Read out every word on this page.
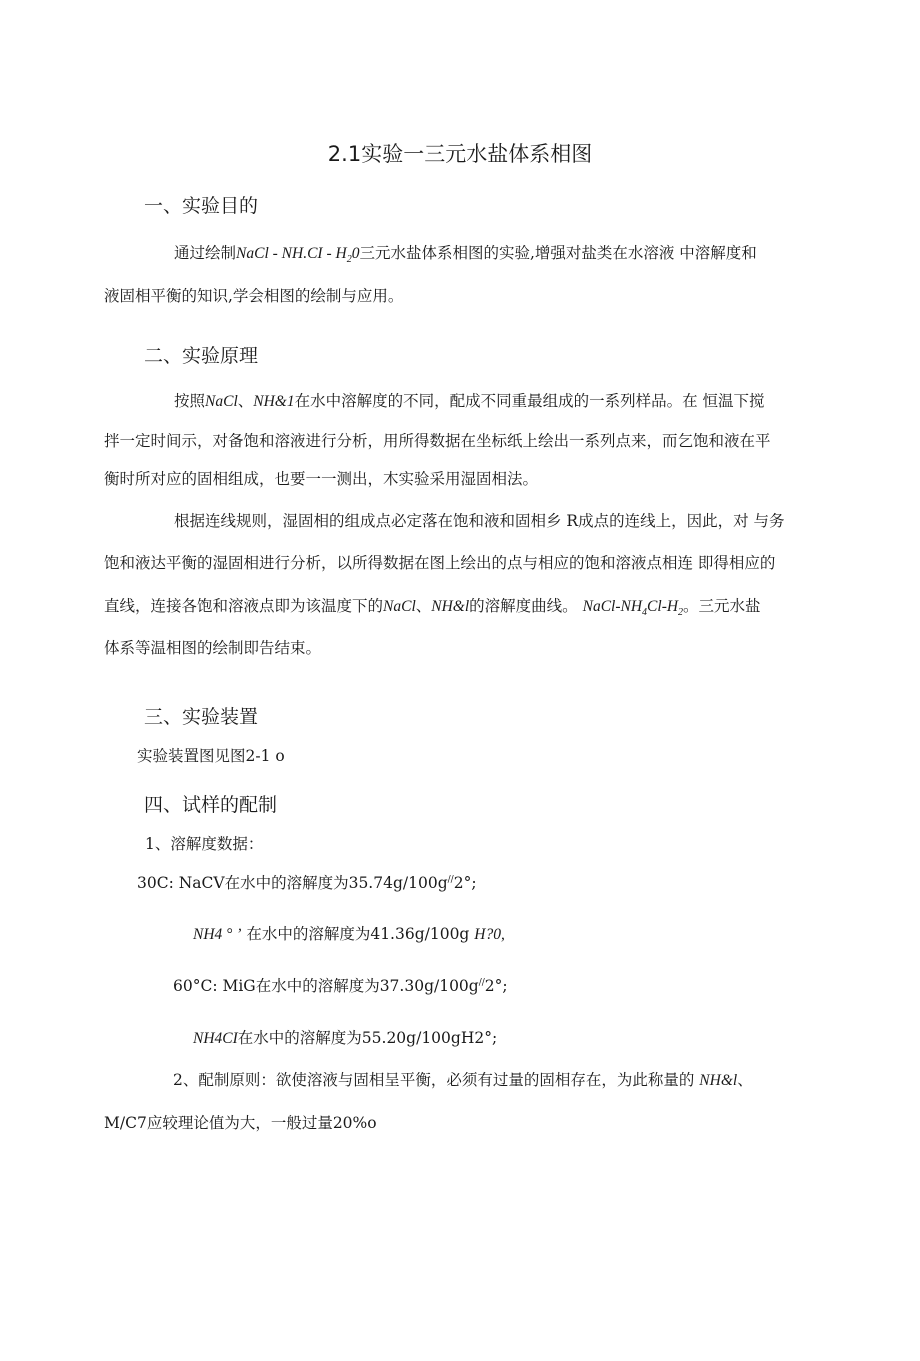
2.1实验一三元水盐体系相图
一、实验目的
通过绘制NaCl - $NH.CI - H_20$三元水盐体系相图的实验,增强对盐类在水溶液 中溶解度和
液固相平衡的知识,学会相图的绘制与应用。
二、实验原理
按照NaCl、NH&1在水中溶解度的不同，配成不同重最组成的一系列样品。在 恒温下搅
拌一定时间示，对备饱和溶液进行分析，用所得数据在坐标纸上绘出一系列点来，而乞饱和液在平
衡时所对应的固相组成，也要一一测出，木实验采用湿固相法。
根据连线规则，湿固相的组成点必定落在饱和液和固相乡 R成点的连线上，因此，对 与务
饱和液达平衡的湿固相进行分析，以所得数据在图上绘出的点与相应的饱和溶液点相连 即得相应的
直线，连接各饱和溶液点即为该温度下的NaCl、NH&l的溶解度曲线。 NaCl-$NH_4Cl-H_2$。三元水盐
体系等温相图的绘制即告结束。
三、实验装置
实验装置图见图2-1 o
四、试样的配制
1、溶解度数据：
30C: NaCV在水中的溶解度为35.74g/100g//2°;
NH4 ° ’ 在水中的溶解度为41.36g/100g H?0,
60°C: MiG在水中的溶解度为37.30g/100g//2°;
NH4CI在水中的溶解度为55.20g/100gH2°;
2、配制原则：欲使溶液与固相呈平衡，必须有过量的固相存在，为此称量的 NH&l、
M/C7应较理论值为大，一般过量20%o
